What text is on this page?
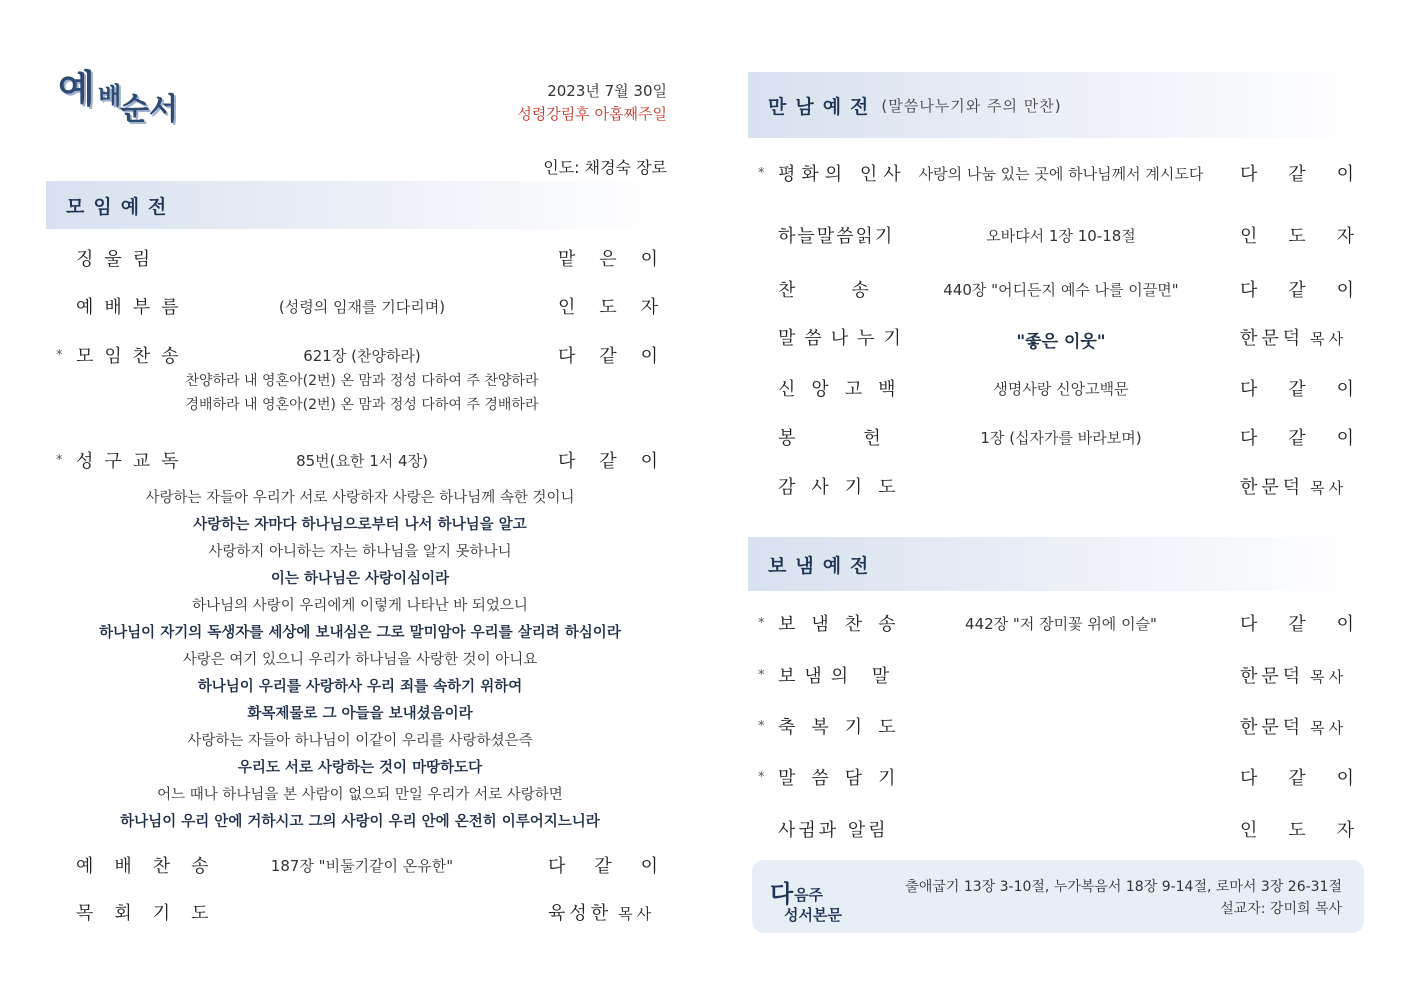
예 배
순서
2023년 7월 30일
성령강림후 아홉째주일
인도: 채경숙 장로
모임예전
징울림	맡 은 이
예배부름	(성령의 임재를 기다리며)	인 도 자
* 모임찬송	621장 (찬양하라)	다 같 이
* 성구교독	85번(요한 1서 4장)	다 같 이
찬양하라 내 영혼아(2번) 온 맘과 정성 다하여 주 찬양하라
경배하라 내 영혼아(2번) 온 맘과 정성 다하여 주 경배하라
사랑하는 자들아 우리가 서로 사랑하자 사랑은 하나님께 속한 것이니
사랑하는 자마다 하나님으로부터 나서 하나님을 알고
사랑하지 아니하는 자는 하나님을 알지 못하나니
이는 하나님은 사랑이심이라
하나님의 사랑이 우리에게 이렇게 나타난 바 되었으니
하나님이 자기의 독생자를 세상에 보내심은 그로 말미암아 우리를 살리려 하심이라
사랑은 여기 있으니 우리가 하나님을 사랑한 것이 아니요
하나님이 우리를 사랑하사 우리 죄를 속하기 위하여
화목제물로 그 아들을 보내셨음이라
사랑하는 자들아 하나님이 이같이 우리를 사랑하셨은즉
우리도 서로 사랑하는 것이 마땅하도다
어느 때나 하나님을 본 사람이 없으되 만일 우리가 서로 사랑하면
하나님이 우리 안에 거하시고 그의 사랑이 우리 안에 온전히 이루어지느니라
예배찬송	187장 "비둘기같이 온유한"	다 같 이
목회기도	육성한 목사
만남예전 (말씀나누기와 주의 만찬)
* 평화의 인사 사랑의 나눔 있는 곳에 하나님께서 계시도다	다 같 이
하늘말씀읽기	오바댜서 1장 10-18절	인 도 자
찬송	440장 "어디든지 예수 나를 이끌면"	다 같 이
말씀나누기	"좋은 이웃"	한문덕 목사
신앙고백	생명사랑 신앙고백문	다 같 이
봉헌	1장 (십자가를 바라보며)	다 같 이
감사기도	한문덕 목사
* 보냄찬송	442장 "저 장미꽃 위에 이슬"	다 같 이
* 보냄의 말	한문덕 목사
* 축복기도	한문덕 목사
* 말씀담기	다 같 이
사귐과 알림	인 도 자
보냄예전
다 음주
성서본문
출애굽기 13장 3-10절, 누가복음서 18장 9-14절, 로마서 3장 26-31절
설교자: 강미희 목사
